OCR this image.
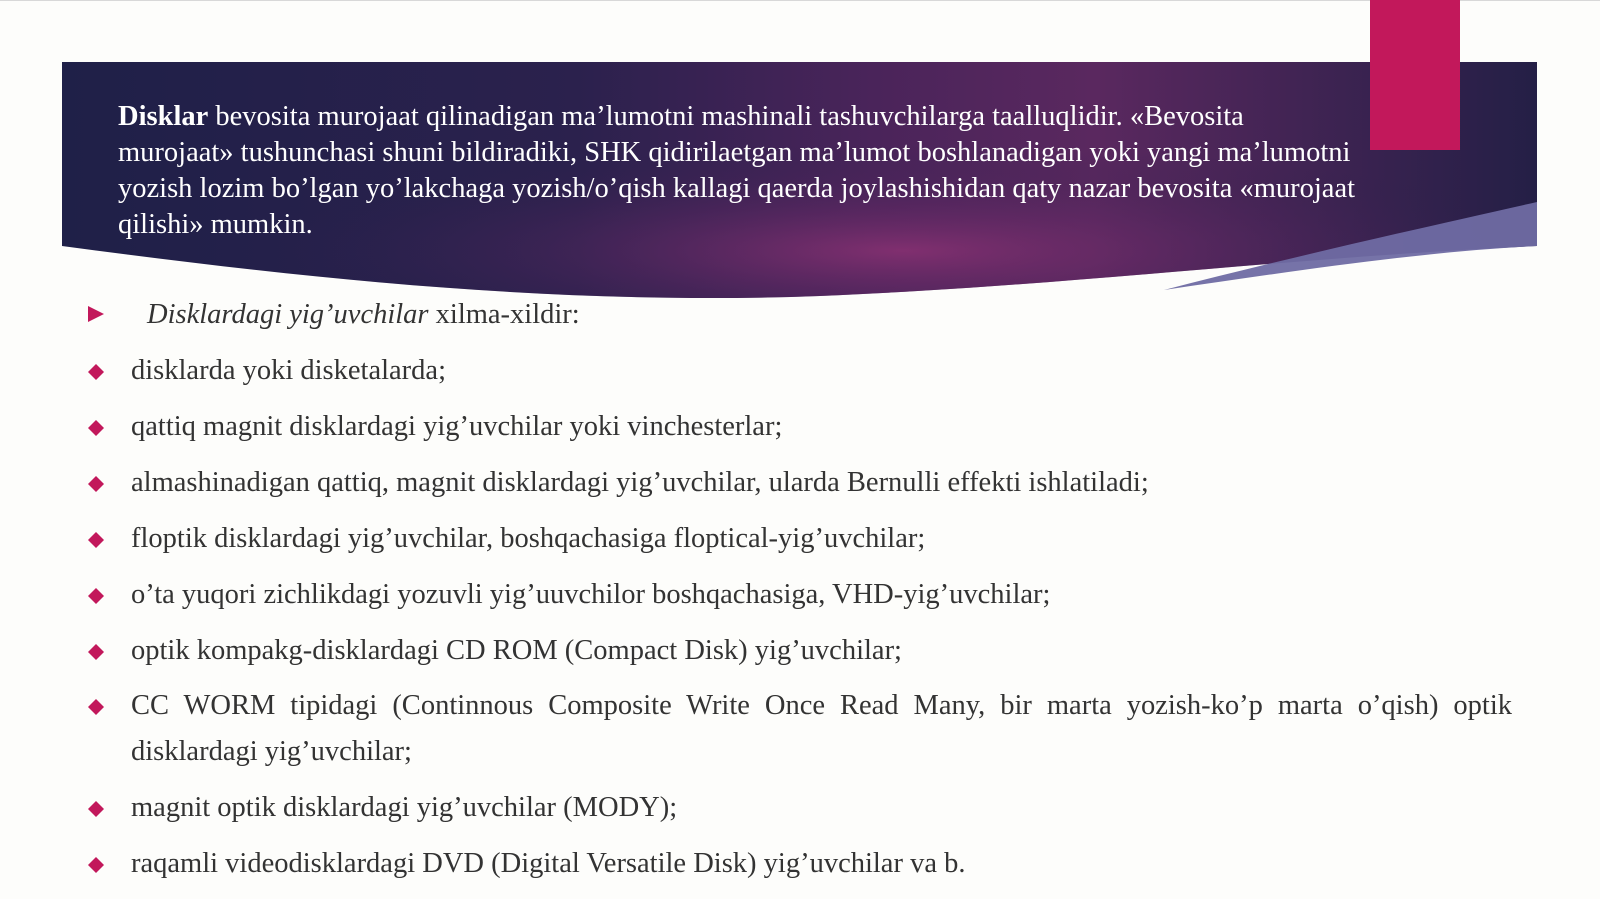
Disklar bevosita murojaat qilinadigan ma’lumotni mashinali tashuvchilarga taalluqlidir. «Bevosita murojaat» tushunchasi shuni bildiradiki, SHK qidirilaetgan ma’lumot boshlanadigan yoki yangi ma’lumotni yozish lozim bo’lgan yo’lakchaga yozish/o’qish kallagi qaerda joylashishidan qaty nazar bevosita «murojaat qilishi» mumkin.

Disklardagi yig’uvchilar xilma-xildir:
disklarda yoki disketalarda;
qattiq magnit disklardagi yig’uvchilar yoki vinchesterlar;
almashinadigan qattiq, magnit disklardagi yig’uvchilar, ularda Bernulli effekti ishlatiladi;
floptik disklardagi yig’uvchilar, boshqachasiga floptical-yig’uvchilar;
o’ta yuqori zichlikdagi yozuvli yig’uuvchilor boshqachasiga, VHD-yig’uvchilar;
optik kompakg-disklardagi CD ROM (Compact Disk) yig’uvchilar;
CC WORM tipidagi (Continnous Composite Write Once Read Many, bir marta yozish-ko’p marta o’qish) optik disklardagi yig’uvchilar;
magnit optik disklardagi yig’uvchilar (MODY);
raqamli videodisklardagi DVD (Digital Versatile Disk) yig’uvchilar va b.
